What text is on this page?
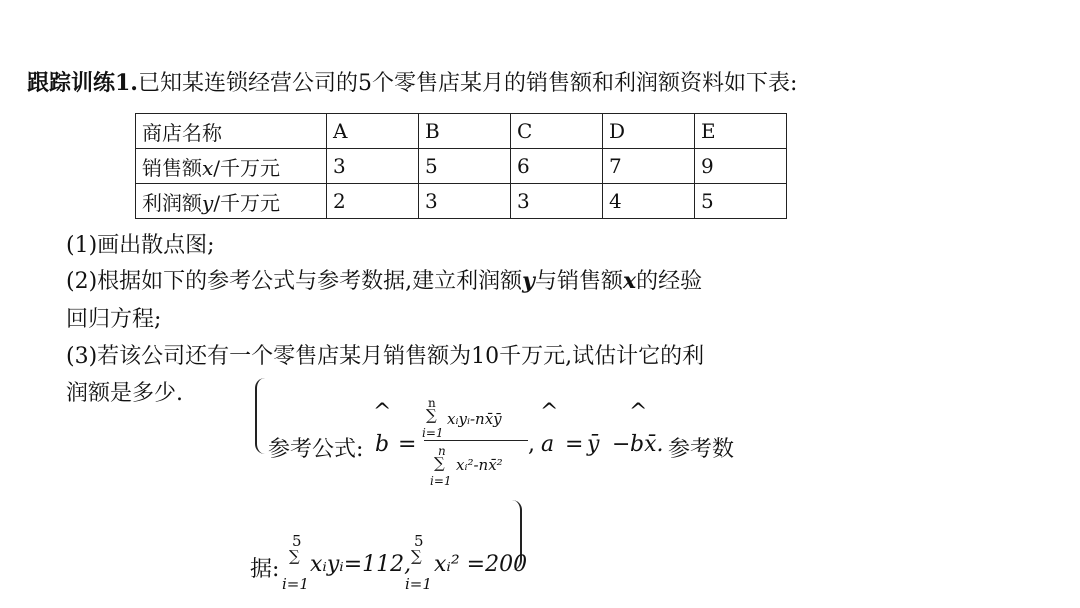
跟踪训练1.已知某连锁经营公司的5个零售店某月的销售额和利润额资料如下表:
商店名称	A	B	C	D	E
销售额x/千万元	3	5	6	7	9
利润额y/千万元	2	3	3	4	5
(1)画出散点图;
(2)根据如下的参考公式与参考数据,建立利润额y与销售额x的经验
回归方程;
(3)若该公司还有一个零售店某月销售额为10千万元,试估计它的利
润额是多少.
参考公式:
^
b =
n
∑
i=1
xᵢyᵢ-nx̄ȳ
n
∑
i=1
xᵢ²-nx̄²
,
^
a = ȳ −
^
bx̄. 参考数
据:
5
∑
i=1
xᵢyᵢ=112,
5
∑
i=1
xᵢ² =200
